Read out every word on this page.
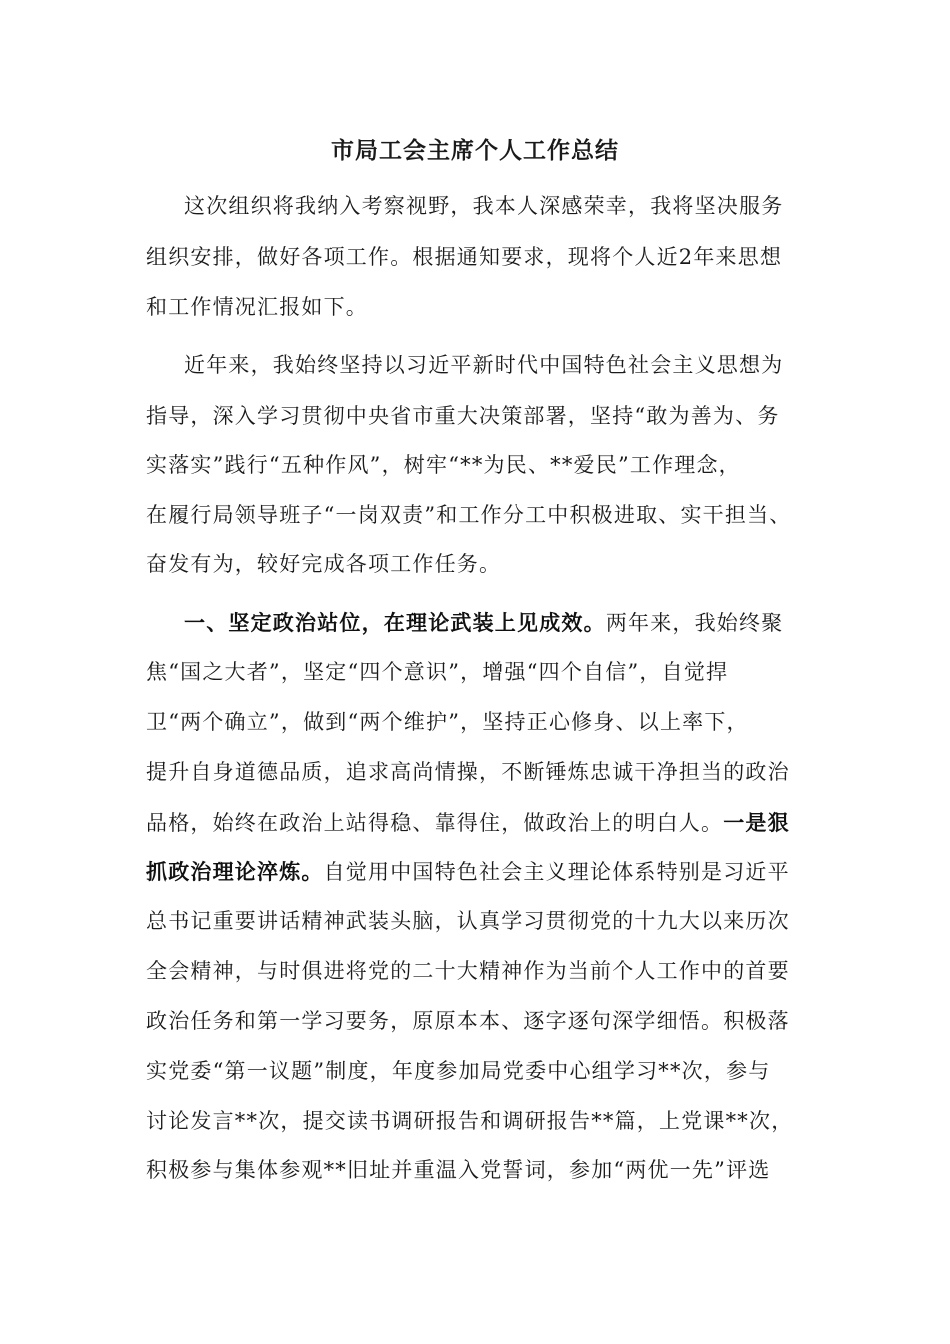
市局工会主席个人工作总结

这次组织将我纳入考察视野，我本人深感荣幸，我将坚决服务

组织安排，做好各项工作。根据通知要求，现将个人近2年来思想

和工作情况汇报如下。

近年来，我始终坚持以习近平新时代中国特色社会主义思想为

指导，深入学习贯彻中央省市重大决策部署，坚持“敢为善为、务

实落实”践行“五种作风”，树牢“**为民、**爱民”工作理念，

在履行局领导班子“一岗双责”和工作分工中积极进取、实干担当、

奋发有为，较好完成各项工作任务。

一、坚定政治站位，在理论武装上见成效。两年来，我始终聚

焦“国之大者”，坚定“四个意识”，增强“四个自信”，自觉捍

卫“两个确立”，做到“两个维护”，坚持正心修身、以上率下，

提升自身道德品质，追求高尚情操，不断锤炼忠诚干净担当的政治

品格，始终在政治上站得稳、靠得住，做政治上的明白人。一是狠

抓政治理论淬炼。自觉用中国特色社会主义理论体系特别是习近平

总书记重要讲话精神武装头脑，认真学习贯彻党的十九大以来历次

全会精神，与时俱进将党的二十大精神作为当前个人工作中的首要

政治任务和第一学习要务，原原本本、逐字逐句深学细悟。积极落

实党委“第一议题”制度，年度参加局党委中心组学习**次，参与

讨论发言**次，提交读书调研报告和调研报告**篇，上党课**次，

积极参与集体参观**旧址并重温入党誓词，参加“两优一先”评选
